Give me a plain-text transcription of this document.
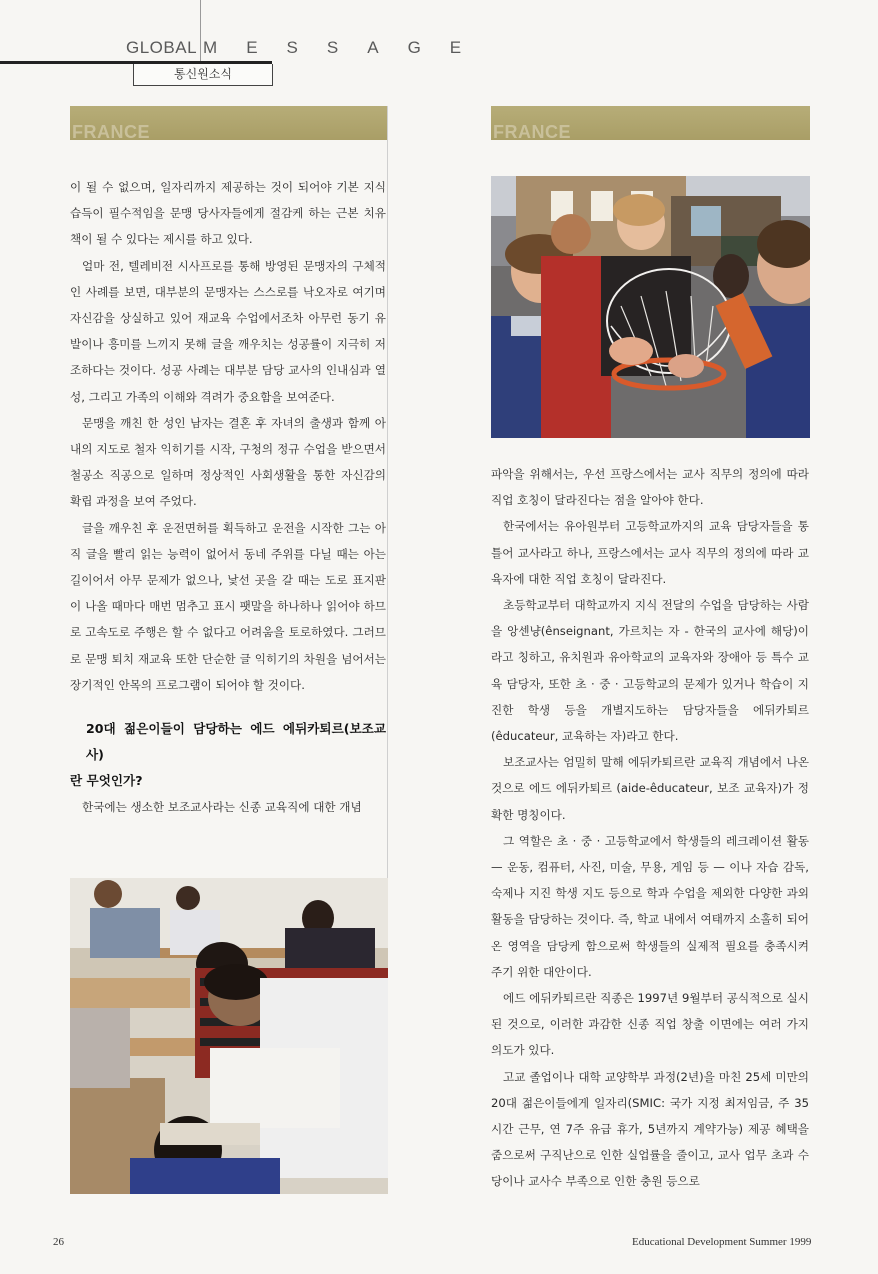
GLOBAL MESSAGE
통신원소식
FRANCE

이 될 수 없으며, 일자리까지 제공하는 것이 되어야 기본 지식 습득이 필수적임을 문맹 당사자들에게 절감케 하는 근본 치유책이 될 수 있다는 제시를 하고 있다.

얼마 전, 텔레비전 시사프로를 통해 방영된 문맹자의 구체적인 사례를 보면, 대부분의 문맹자는 스스로를 낙오자로 여기며 자신감을 상실하고 있어 재교육 수업에서조차 아무런 동기 유발이나 흥미를 느끼지 못해 글을 깨우치는 성공률이 지극히 저조하다는 것이다. 성공 사례는 대부분 담당 교사의 인내심과 열성, 그리고 가족의 이해와 격려가 중요함을 보여준다.

문맹을 깨친 한 성인 남자는 결혼 후 자녀의 출생과 함께 아내의 지도로 철자 익히기를 시작, 구청의 정규 수업을 받으면서 철공소 직공으로 일하며 정상적인 사회생활을 통한 자신감의 확립 과정을 보여 주었다.

글을 깨우친 후 운전면허를 획득하고 운전을 시작한 그는 아직 글을 빨리 읽는 능력이 없어서 동네 주위를 다닐 때는 아는 길이어서 아무 문제가 없으나, 낯선 곳을 갈 때는 도로 표지판이 나올 때마다 매번 멈추고 표시 팻말을 하나하나 읽어야 하므로 고속도로 주행은 할 수 없다고 어려움을 토로하였다. 그러므로 문맹 퇴치 재교육 또한 단순한 글 익히기의 차원을 넘어서는 장기적인 안목의 프로그램이 되어야 할 것이다.

20대 젊은이들이 담당하는 에드 에뒤카퇴르(보조교사)
란 무엇인가?

한국에는 생소한 보조교사라는 신종 교육직에 대한 개념

FRANCE

파악을 위해서는, 우선 프랑스에서는 교사 직무의 정의에 따라 직업 호칭이 달라진다는 점을 알아야 한다.

한국에서는 유아원부터 고등학교까지의 교육 담당자들을 통틀어 교사라고 하나, 프랑스에서는 교사 직무의 정의에 따라 교육자에 대한 직업 호칭이 달라진다.

초등학교부터 대학교까지 지식 전달의 수업을 담당하는 사람을 앙센냥(ênseignant, 가르치는 자 - 한국의 교사에 해당)이라고 칭하고, 유치원과 유아학교의 교육자와 장애아 등 특수 교육 담당자, 또한 초 · 중 · 고등학교의 문제가 있거나 학습이 지진한 학생 등을 개별지도하는 담당자들을 에뒤카퇴르(êducateur, 교육하는 자)라고 한다.

보조교사는 엄밀히 말해 에뒤카퇴르란 교육직 개념에서 나온 것으로 에드 에뒤카퇴르 (aide-êducateur, 보조 교육자)가 정확한 명칭이다.

그 역할은 초 · 중 · 고등학교에서 학생들의 레크레이션 활동 — 운동, 컴퓨터, 사진, 미술, 무용, 게임 등 — 이나 자습 감독, 숙제나 지진 학생 지도 등으로 학과 수업을 제외한 다양한 과외활동을 담당하는 것이다. 즉, 학교 내에서 여태까지 소홀히 되어온 영역을 담당케 함으로써 학생들의 실제적 필요를 충족시켜 주기 위한 대안이다.

에드 에뒤카퇴르란 직종은 1997년 9월부터 공식적으로 실시된 것으로, 이러한 과감한 신종 직업 창출 이면에는 여러 가지 의도가 있다.

고교 졸업이나 대학 교양학부 과정(2년)을 마친 25세 미만의 20대 젊은이들에게 일자리(SMIC: 국가 지정 최저임금, 주 35시간 근무, 연 7주 유급 휴가, 5년까지 계약가능) 제공 혜택을 줌으로써 구직난으로 인한 실업률을 줄이고, 교사 업무 초과 수당이나 교사수 부족으로 인한 충원 등으로

26	Educational Development Summer 1999
